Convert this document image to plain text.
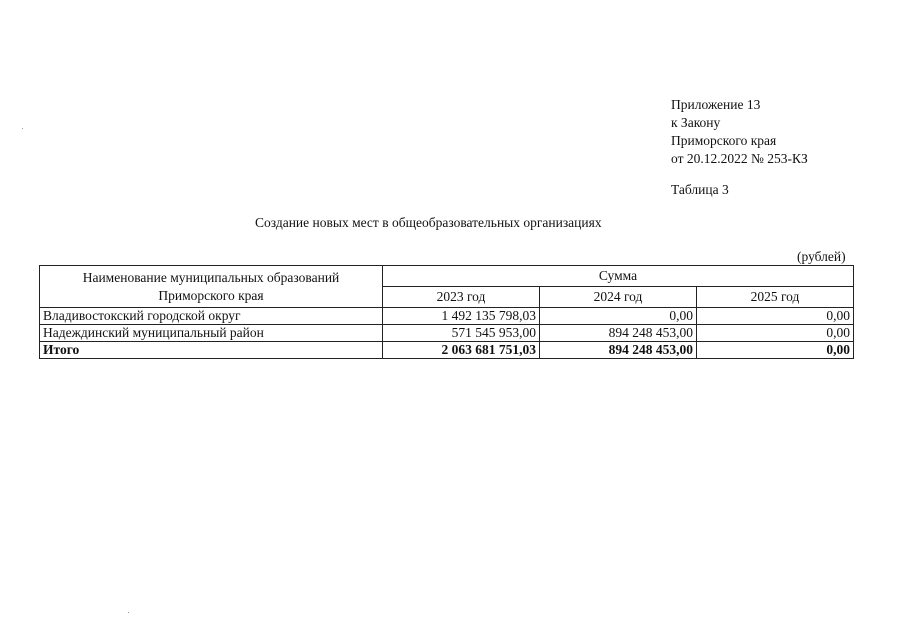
Приложение 13
к Закону
Приморского края
от 20.12.2022 № 253-КЗ
Таблица 3
Создание новых мест в общеобразовательных организациях
(рублей)
Наименование муниципальных образований
Приморского края	Сумма		
	2023 год	2024 год	2025 год
Владивостокский городской округ	1 492 135 798,03	0,00	0,00
Надеждинский муниципальный район	571 545 953,00	894 248 453,00	0,00
Итого	2 063 681 751,03	894 248 453,00	0,00
